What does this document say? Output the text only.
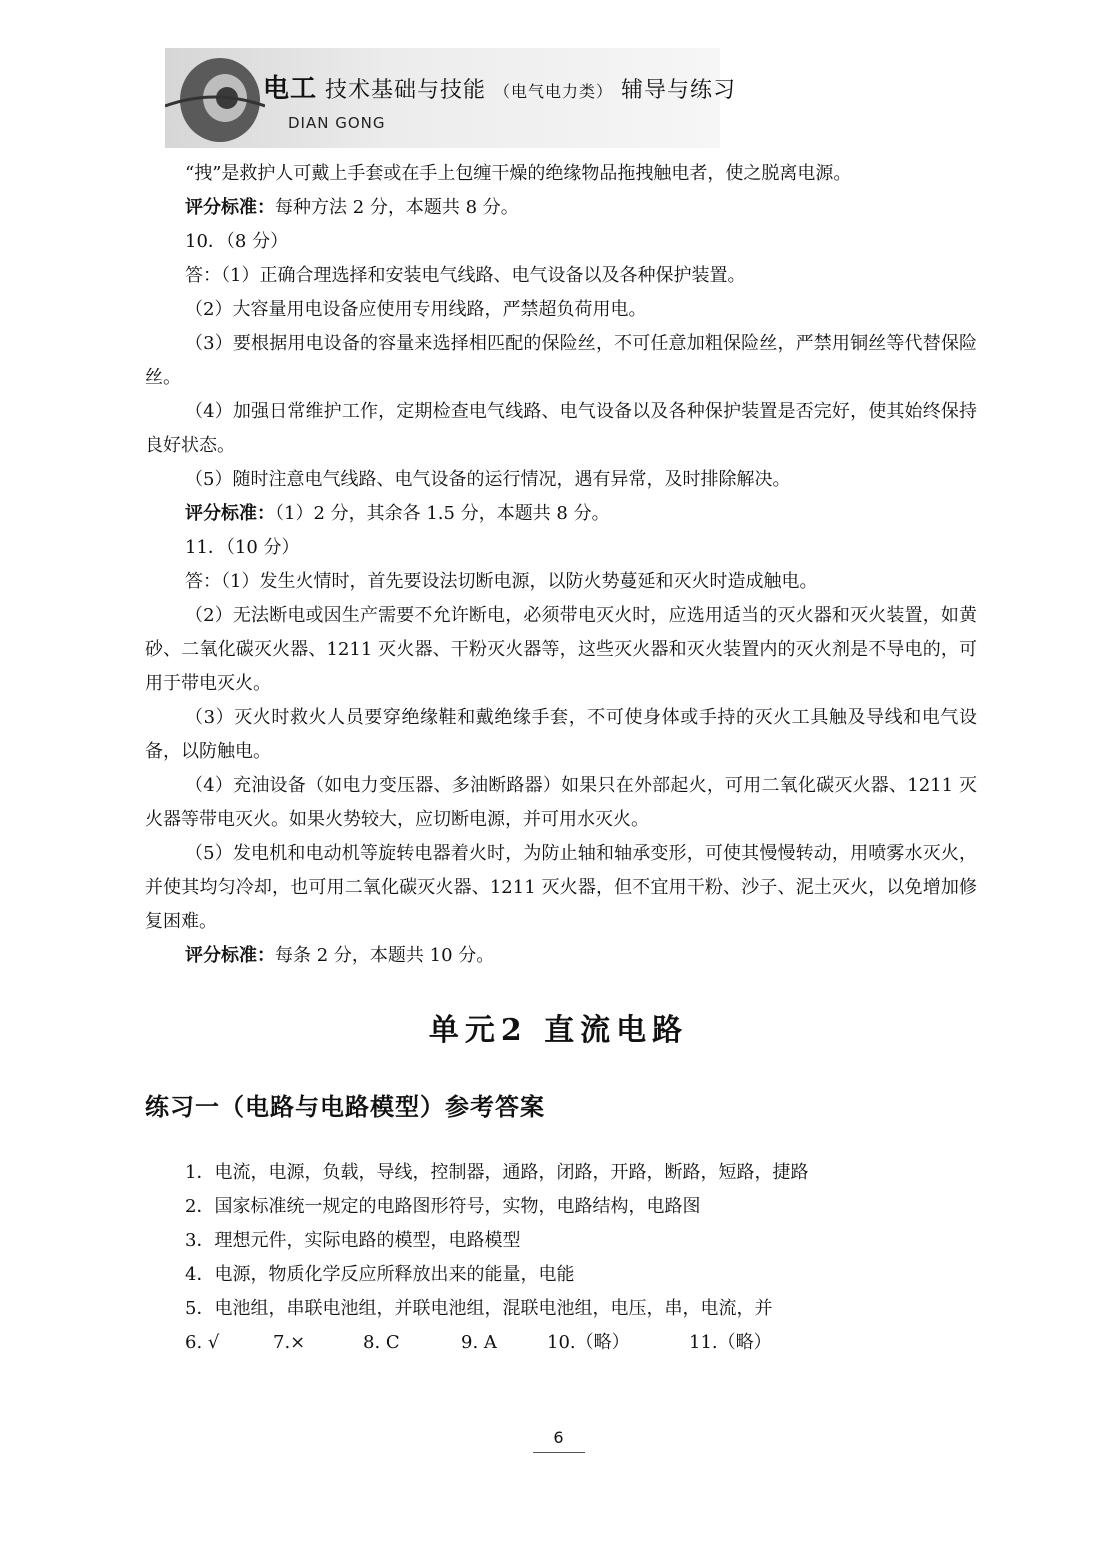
电工 技术基础与技能 （电气电力类） 辅导与练习
DIAN GONG

“拽”是救护人可戴上手套或在手上包缠干燥的绝缘物品拖拽触电者，使之脱离电源。

评分标准：每种方法 2 分，本题共 8 分。

10．（8 分）

答：（1）正确合理选择和安装电气线路、电气设备以及各种保护装置。

（2）大容量用电设备应使用专用线路，严禁超负荷用电。

（3）要根据用电设备的容量来选择相匹配的保险丝，不可任意加粗保险丝，严禁用铜丝等代替保险丝。

（4）加强日常维护工作，定期检查电气线路、电气设备以及各种保护装置是否完好，使其始终保持良好状态。

（5）随时注意电气线路、电气设备的运行情况，遇有异常，及时排除解决。

评分标准：（1）2 分，其余各 1.5 分，本题共 8 分。

11．（10 分）

答：（1）发生火情时，首先要设法切断电源，以防火势蔓延和灭火时造成触电。

（2）无法断电或因生产需要不允许断电，必须带电灭火时，应选用适当的灭火器和灭火装置，如黄砂、二氧化碳灭火器、1211 灭火器、干粉灭火器等，这些灭火器和灭火装置内的灭火剂是不导电的，可用于带电灭火。

（3）灭火时救火人员要穿绝缘鞋和戴绝缘手套，不可使身体或手持的灭火工具触及导线和电气设备，以防触电。

（4）充油设备（如电力变压器、多油断路器）如果只在外部起火，可用二氧化碳灭火器、1211 灭火器等带电灭火。如果火势较大，应切断电源，并可用水灭火。

（5）发电机和电动机等旋转电器着火时，为防止轴和轴承变形，可使其慢慢转动，用喷雾水灭火，并使其均匀冷却，也可用二氧化碳灭火器、1211 灭火器，但不宜用干粉、沙子、泥土灭火，以免增加修复困难。

评分标准：每条 2 分，本题共 10 分。

单元2 直流电路
练习一（电路与电路模型）参考答案

1．电流，电源，负载，导线，控制器，通路，闭路，开路，断路，短路，捷路

2．国家标准统一规定的电路图形符号，实物，电路结构，电路图

3．理想元件，实际电路的模型，电路模型

4．电源，物质化学反应所释放出来的能量，电能

5．电池组，串联电池组，并联电池组，混联电池组，电压，串，电流，并

6. √	7.×	8. C	9. A	10.（略）	11.（略）
6
